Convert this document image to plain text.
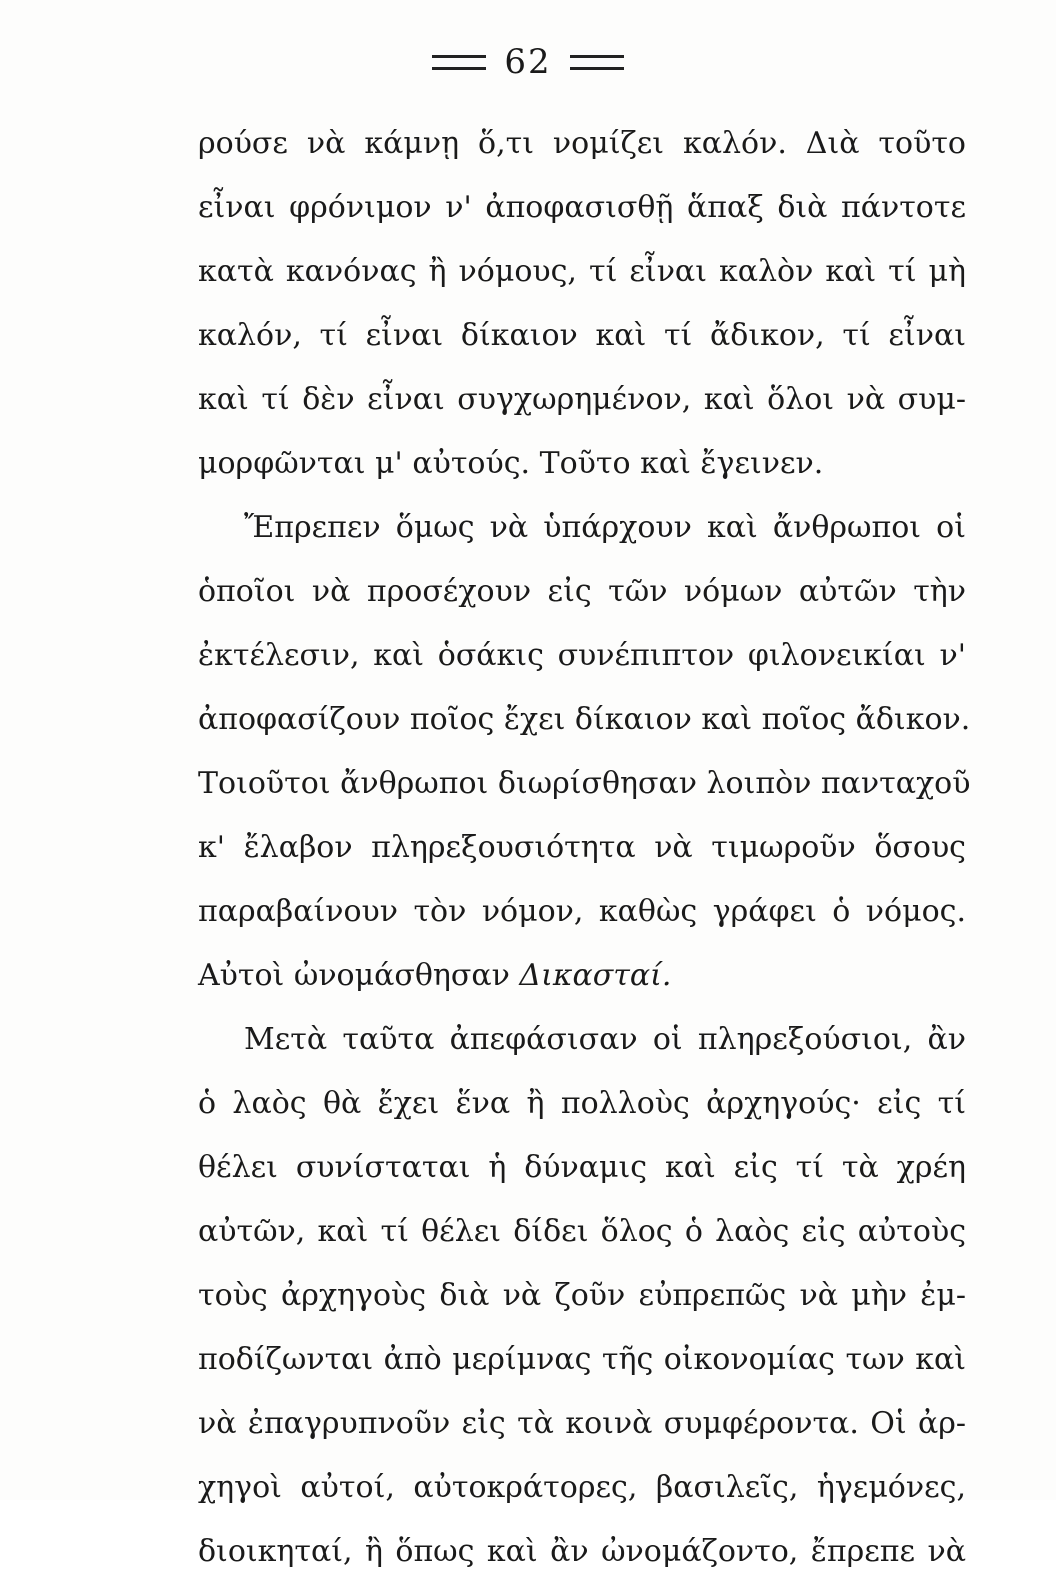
62
ρούσε νὰ κάμνῃ ὅ,τι νομίζει καλόν. Διὰ τοῦτο
εἶναι φρόνιμον ν' ἀποφασισθῇ ἅπαξ διὰ πάντοτε
κατὰ κανόνας ἢ νόμους, τί εἶναι καλὸν καὶ τί μὴ
καλόν, τί εἶναι δίκαιον καὶ τί ἄδικον, τί εἶναι
καὶ τί δὲν εἶναι συγχωρημένον, καὶ ὅλοι νὰ συμ-
μορφῶνται μ' αὐτούς. Τοῦτο καὶ ἔγεινεν.
Ἔπρεπεν ὅμως νὰ ὑπάρχουν καὶ ἄνθρωποι οἱ
ὁποῖοι νὰ προσέχουν εἰς τῶν νόμων αὐτῶν τὴν
ἐκτέλεσιν, καὶ ὁσάκις συνέπιπτον φιλονεικίαι ν'
ἀποφασίζουν ποῖος ἔχει δίκαιον καὶ ποῖος ἄδικον.
Τοιοῦτοι ἄνθρωποι διωρίσθησαν λοιπὸν πανταχοῦ
κ' ἔλαβον πληρεξουσιότητα νὰ τιμωροῦν ὅσους
παραβαίνουν τὸν νόμον, καθὼς γράφει ὁ νόμος.
Αὐτοὶ ὠνομάσθησαν Δικασταί.
Μετὰ ταῦτα ἀπεφάσισαν οἱ πληρεξούσιοι, ἂν
ὁ λαὸς θὰ ἔχει ἕνα ἢ πολλοὺς ἀρχηγούς· εἰς τί
θέλει συνίσταται ἡ δύναμις καὶ εἰς τί τὰ χρέη
αὐτῶν, καὶ τί θέλει δίδει ὅλος ὁ λαὸς εἰς αὐτοὺς
τοὺς ἀρχηγοὺς διὰ νὰ ζοῦν εὐπρεπῶς νὰ μὴν ἐμ-
ποδίζωνται ἀπὸ μερίμνας τῆς οἰκονομίας των καὶ
νὰ ἐπαγρυπνοῦν εἰς τὰ κοινὰ συμφέροντα. Οἱ ἀρ-
χηγοὶ αὐτοί, αὐτοκράτορες, βασιλεῖς, ἡγεμόνες,
διοικηταί, ἢ ὅπως καὶ ἂν ὠνομάζοντο, ἔπρεπε νὰ
